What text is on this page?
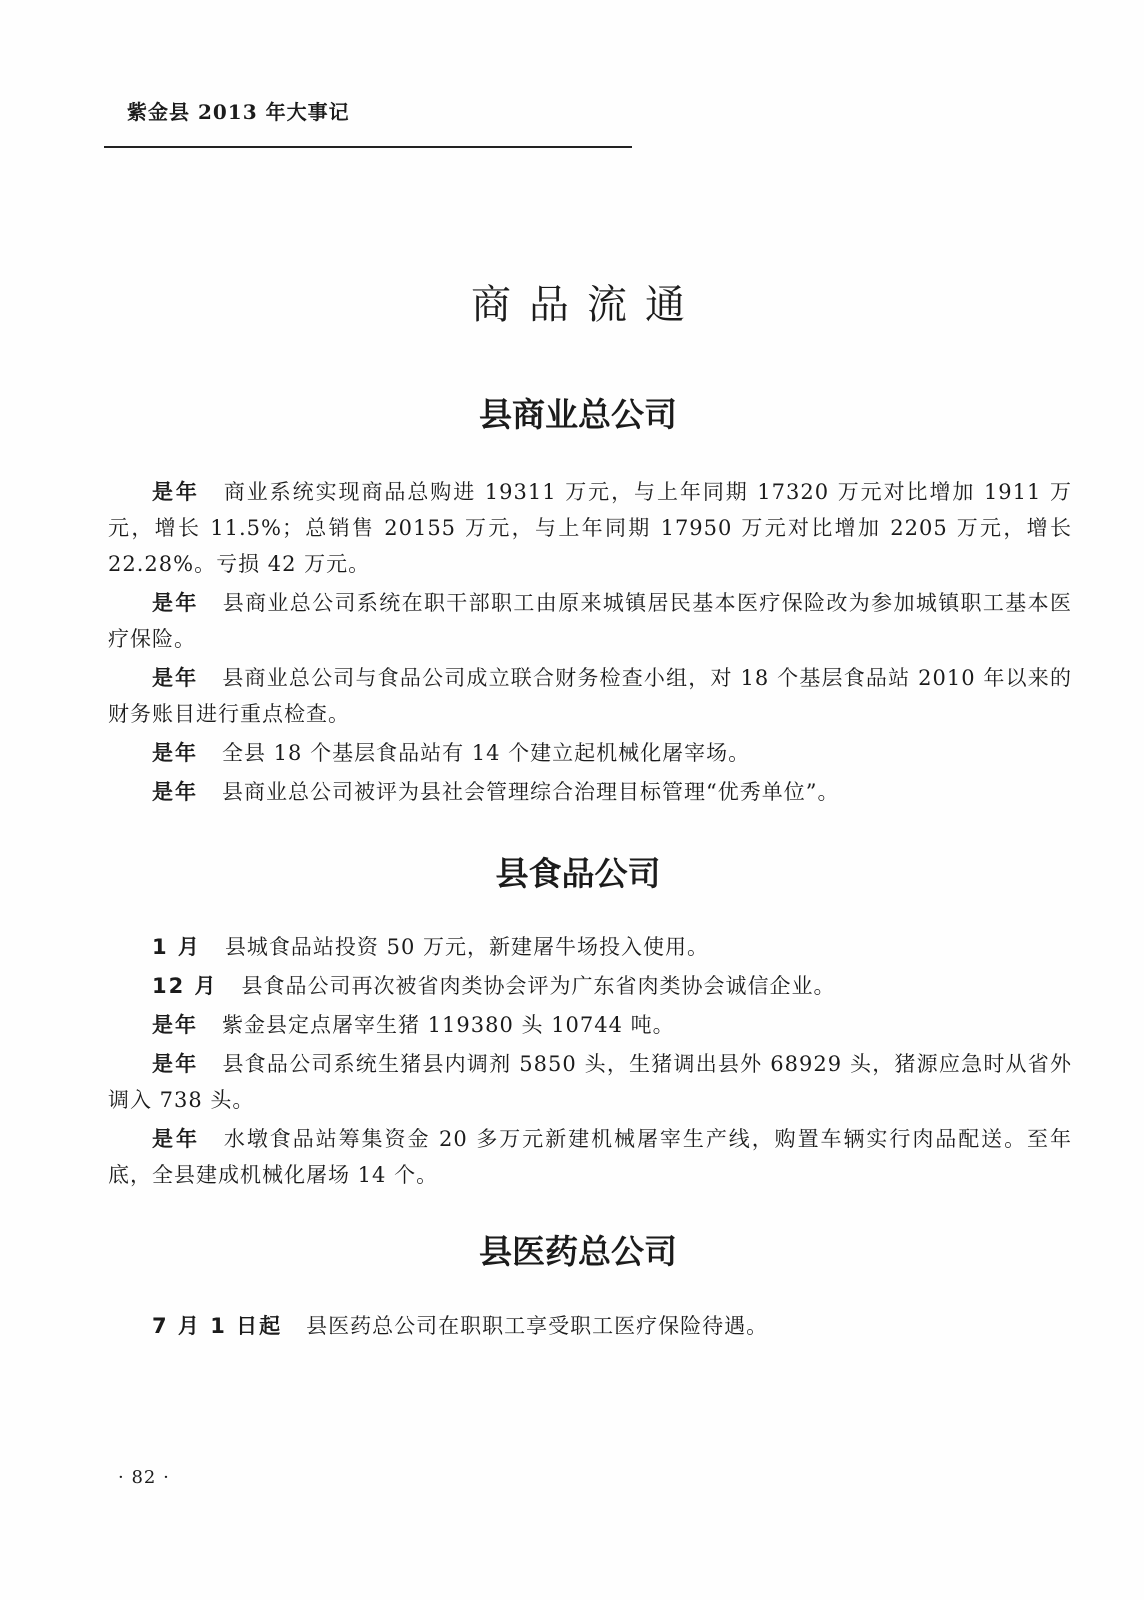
紫金县 2013 年大事记
商品流通
县商业总公司

是年 商业系统实现商品总购进 19311 万元，与上年同期 17320 万元对比增加 1911 万元，增长 11.5%；总销售 20155 万元，与上年同期 17950 万元对比增加 2205 万元，增长 22.28%。亏损 42 万元。

是年 县商业总公司系统在职干部职工由原来城镇居民基本医疗保险改为参加城镇职工基本医疗保险。

是年 县商业总公司与食品公司成立联合财务检查小组，对 18 个基层食品站 2010 年以来的财务账目进行重点检查。

是年 全县 18 个基层食品站有 14 个建立起机械化屠宰场。

是年 县商业总公司被评为县社会管理综合治理目标管理“优秀单位”。

县食品公司

1 月 县城食品站投资 50 万元，新建屠牛场投入使用。

12 月 县食品公司再次被省肉类协会评为广东省肉类协会诚信企业。

是年 紫金县定点屠宰生猪 119380 头 10744 吨。

是年 县食品公司系统生猪县内调剂 5850 头，生猪调出县外 68929 头，猪源应急时从省外调入 738 头。

是年 水墩食品站筹集资金 20 多万元新建机械屠宰生产线，购置车辆实行肉品配送。至年底，全县建成机械化屠场 14 个。

县医药总公司

7 月 1 日起 县医药总公司在职职工享受职工医疗保险待遇。

· 82 ·
